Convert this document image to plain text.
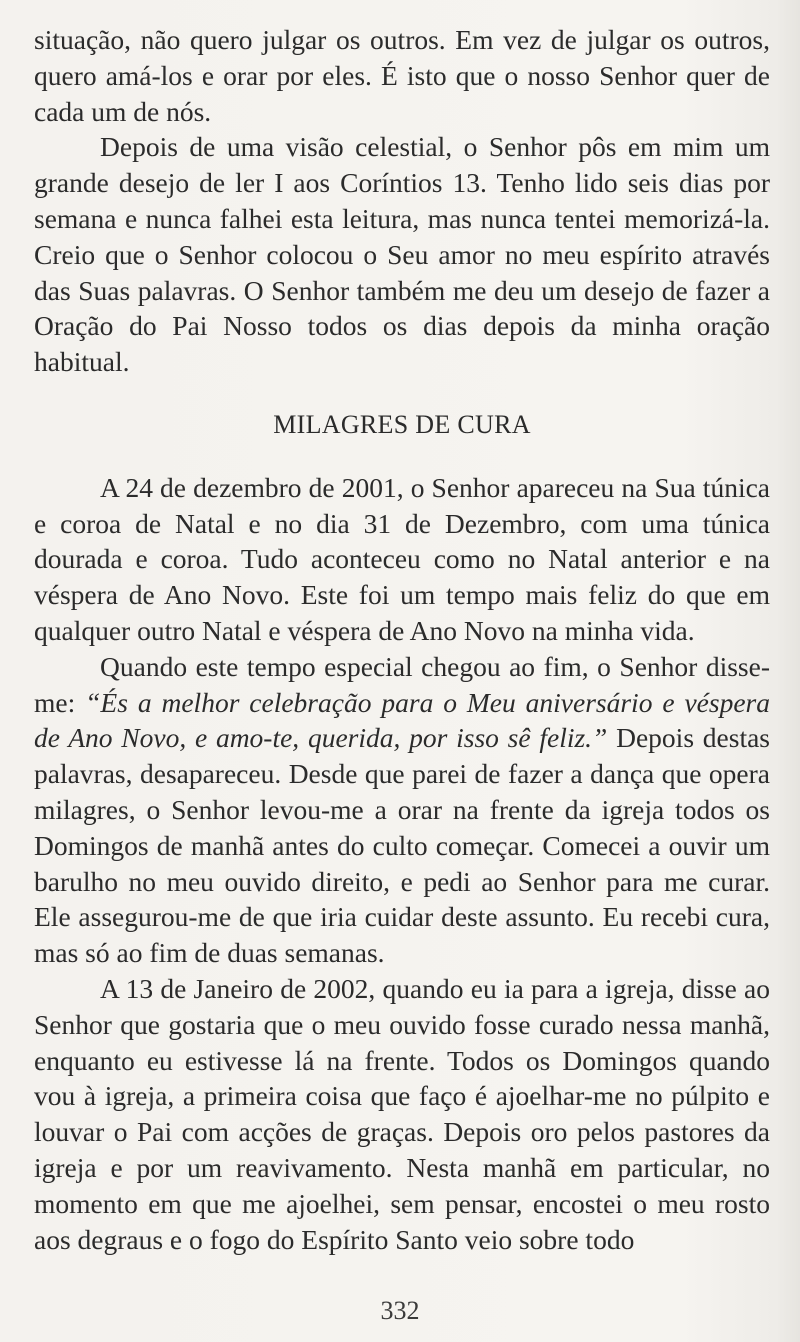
situação, não quero julgar os outros. Em vez de julgar os outros, quero amá-los e orar por eles. É isto que o nosso Senhor quer de cada um de nós.

Depois de uma visão celestial, o Senhor pôs em mim um grande desejo de ler I aos Coríntios 13. Tenho lido seis dias por semana e nunca falhei esta leitura, mas nunca tentei memorizá-la. Creio que o Senhor colocou o Seu amor no meu espírito através das Suas palavras. O Senhor também me deu um desejo de fazer a Oração do Pai Nosso todos os dias depois da minha oração habitual.

MILAGRES DE CURA

A 24 de dezembro de 2001, o Senhor apareceu na Sua túnica e coroa de Natal e no dia 31 de Dezembro, com uma túnica dourada e coroa. Tudo aconteceu como no Natal anterior e na véspera de Ano Novo. Este foi um tempo mais feliz do que em qualquer outro Natal e véspera de Ano Novo na minha vida.

Quando este tempo especial chegou ao fim, o Senhor disse-me: “És a melhor celebração para o Meu aniversário e véspera de Ano Novo, e amo-te, querida, por isso sê feliz.” Depois destas palavras, desapareceu. Desde que parei de fazer a dança que opera milagres, o Senhor levou-me a orar na frente da igreja todos os Domingos de manhã antes do culto começar. Comecei a ouvir um barulho no meu ouvido direito, e pedi ao Senhor para me curar. Ele assegurou-me de que iria cuidar deste assunto. Eu recebi cura, mas só ao fim de duas semanas.

A 13 de Janeiro de 2002, quando eu ia para a igreja, disse ao Senhor que gostaria que o meu ouvido fosse curado nessa manhã, enquanto eu estivesse lá na frente. Todos os Domingos quando vou à igreja, a primeira coisa que faço é ajoelhar-me no púlpito e louvar o Pai com acções de graças. Depois oro pelos pastores da igreja e por um reavivamento. Nesta manhã em particular, no momento em que me ajoelhei, sem pensar, encostei o meu rosto aos degraus e o fogo do Espírito Santo veio sobre todo

332
